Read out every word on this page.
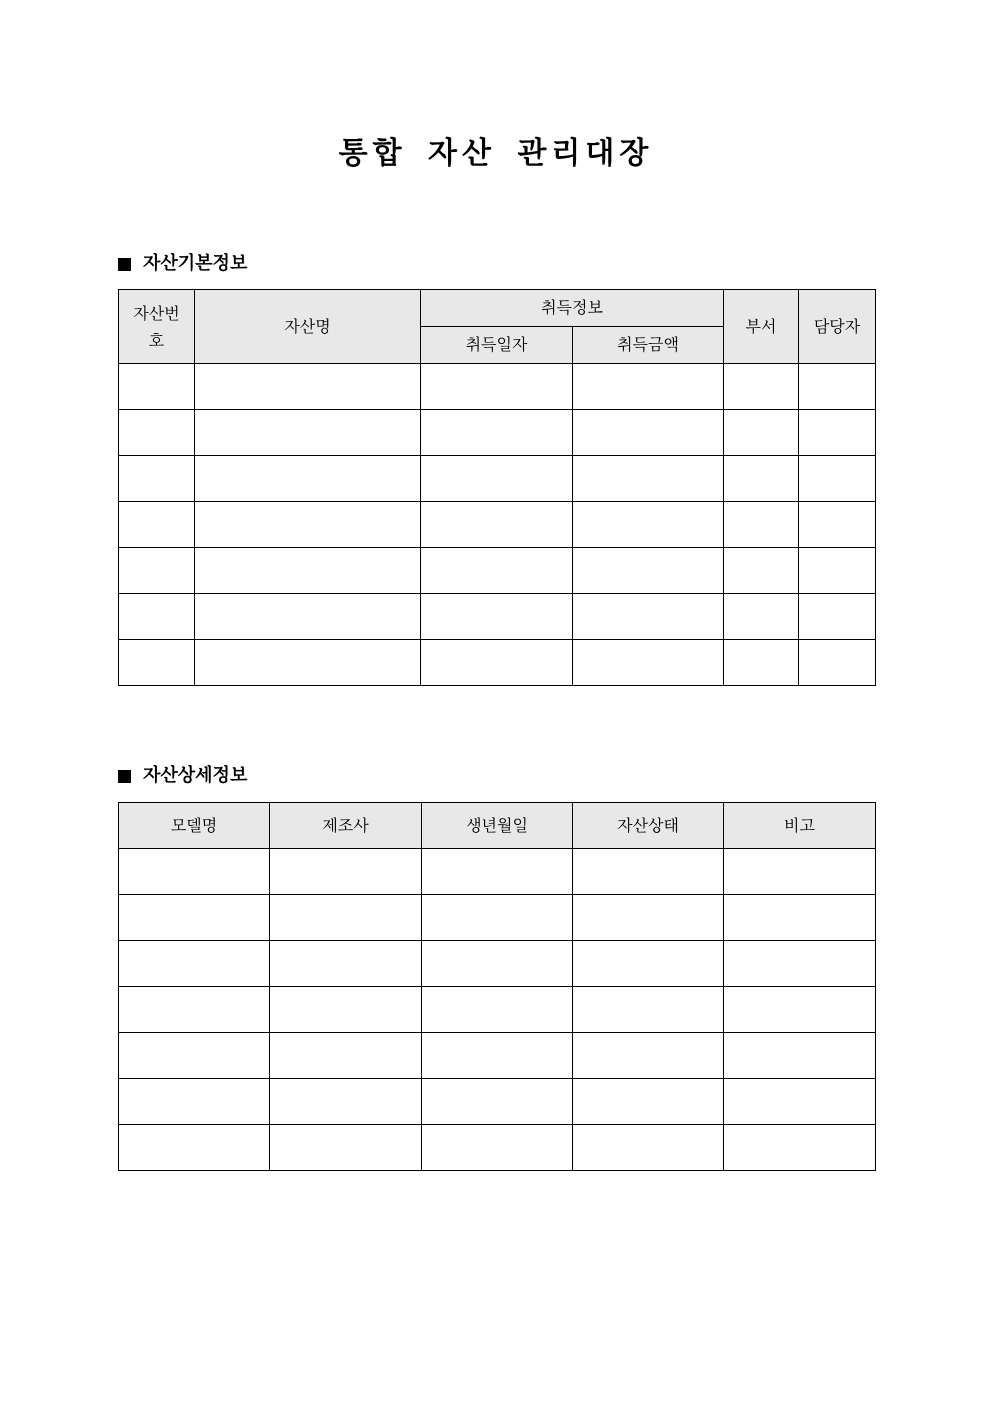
통합 자산 관리대장
자산기본정보
자산번
호	자산명	취득정보		부서	담당자
		취득일자	취득금액		

자산상세정보
모델명	제조사	생년월일	자산상태	비고
